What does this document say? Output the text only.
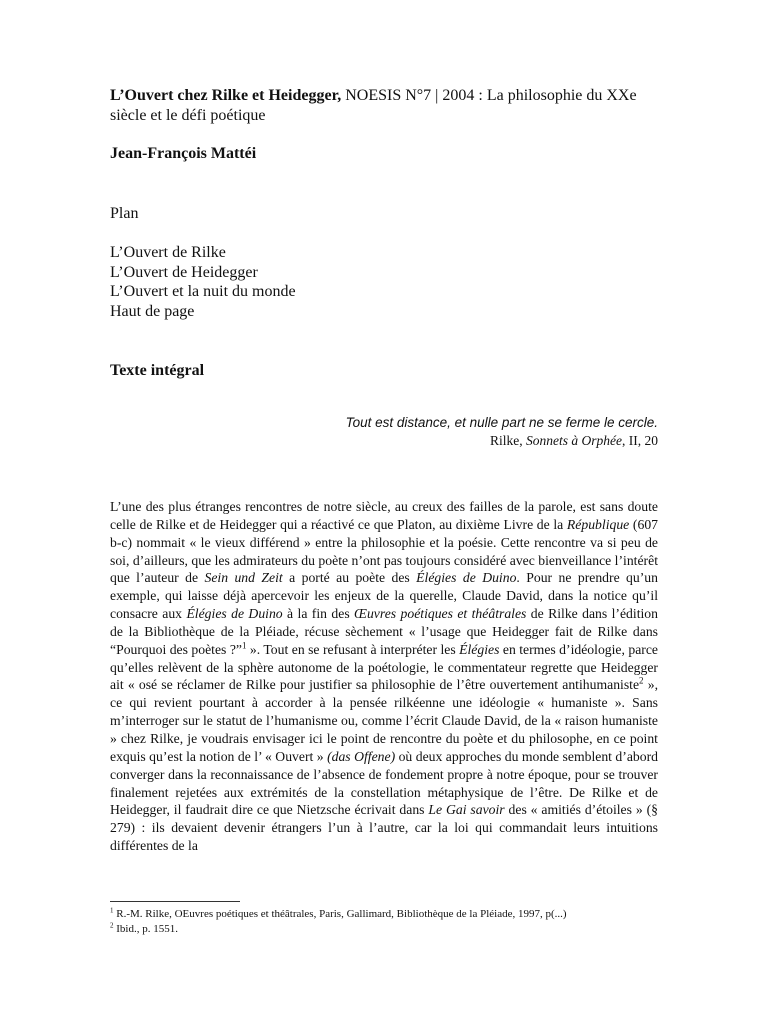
L’Ouvert chez Rilke et Heidegger, NOESIS N°7 | 2004 : La philosophie du XXe siècle et le défi poétique
Jean-François Mattéi
Plan
L’Ouvert de Rilke
L’Ouvert de Heidegger
L’Ouvert et la nuit du monde
Haut de page
Texte intégral
Tout est distance, et nulle part ne se ferme le cercle.
Rilke, Sonnets à Orphée, II, 20

L’une des plus étranges rencontres de notre siècle, au creux des failles de la parole, est sans doute celle de Rilke et de Heidegger qui a réactivé ce que Platon, au dixième Livre de la République (607 b-c) nommait « le vieux différend » entre la philosophie et la poésie. Cette rencontre va si peu de soi, d’ailleurs, que les admirateurs du poète n’ont pas toujours considéré avec bienveillance l’intérêt que l’auteur de Sein und Zeit a porté au poète des Élégies de Duino. Pour ne prendre qu’un exemple, qui laisse déjà apercevoir les enjeux de la querelle, Claude David, dans la notice qu’il consacre aux Élégies de Duino à la fin des Œuvres poétiques et théâtrales de Rilke dans l’édition de la Bibliothèque de la Pléiade, récuse sèchement « l’usage que Heidegger fait de Rilke dans “Pourquoi des poètes ?”$^1$ ». Tout en se refusant à interpréter les Élégies en termes d’idéologie, parce qu’elles relèvent de la sphère autonome de la poétologie, le commentateur regrette que Heidegger ait « osé se réclamer de Rilke pour justifier sa philosophie de l’être ouvertement antihumaniste$^2$ », ce qui revient pourtant à accorder à la pensée rilkéenne une idéologie « humaniste ». Sans m’interroger sur le statut de l’humanisme ou, comme l’écrit Claude David, de la « raison humaniste » chez Rilke, je voudrais envisager ici le point de rencontre du poète et du philosophe, en ce point exquis qu’est la notion de l’ « Ouvert » (das Offene) où deux approches du monde semblent d’abord converger dans la reconnaissance de l’absence de fondement propre à notre époque, pour se trouver finalement rejetées aux extrémités de la constellation métaphysique de l’être. De Rilke et de Heidegger, il faudrait dire ce que Nietzsche écrivait dans Le Gai savoir des « amitiés d’étoiles » (§ 279) : ils devaient devenir étrangers l’un à l’autre, car la loi qui commandait leurs intuitions différentes de la

$^1$ R.-M. Rilke, OEuvres poétiques et théâtrales, Paris, Gallimard, Bibliothèque de la Pléiade, 1997, p(...)
$^2$ Ibid., p. 1551.
